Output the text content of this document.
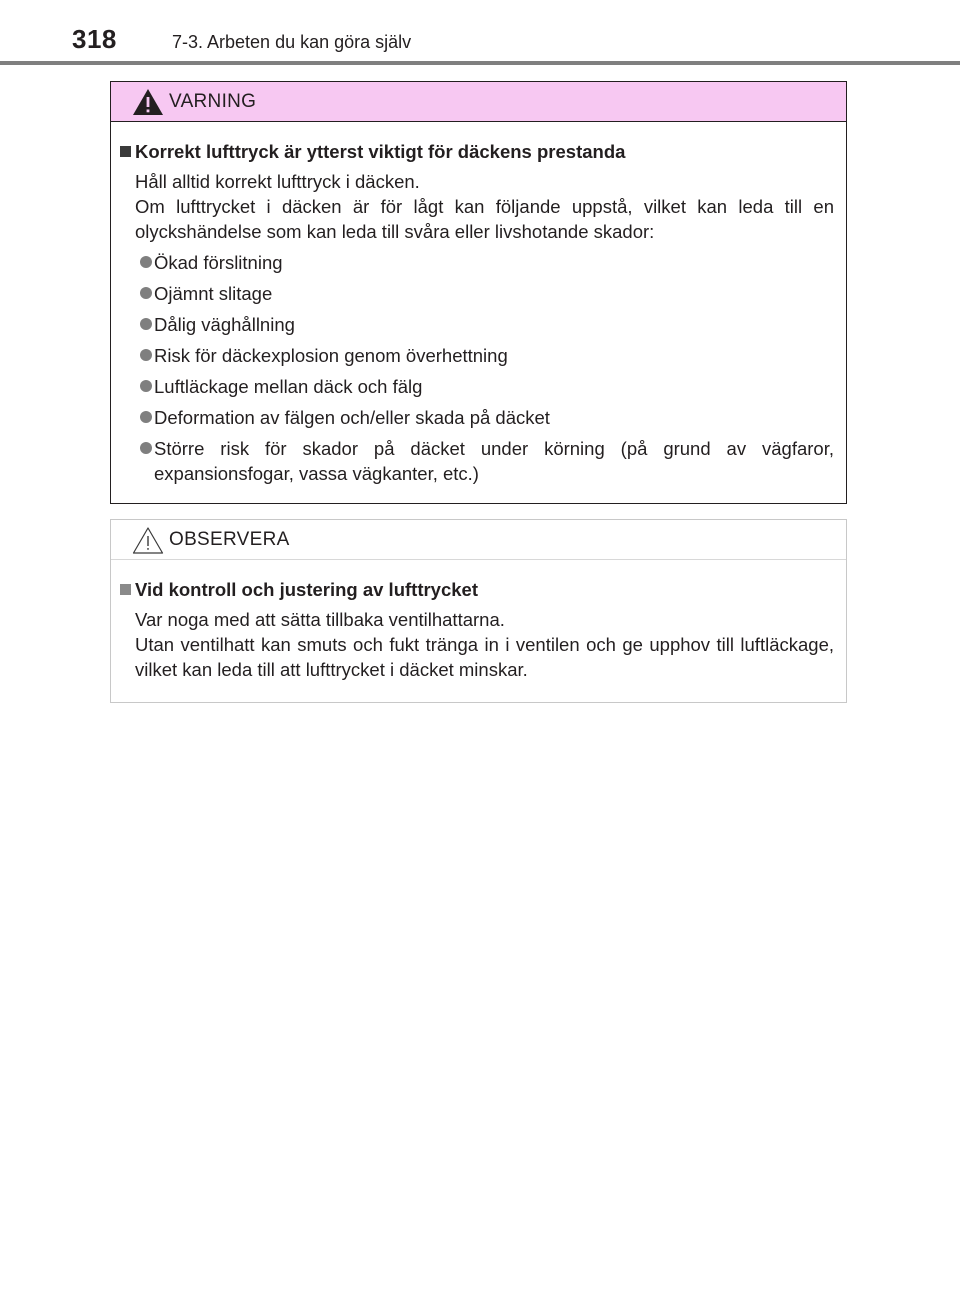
318	7-3. Arbeten du kan göra själv
VARNING
Korrekt lufttryck är ytterst viktigt för däckens prestanda
Håll alltid korrekt lufttryck i däcken.
Om lufttrycket i däcken är för lågt kan följande uppstå, vilket kan leda till en olyckshändelse som kan leda till svåra eller livshotande skador:
Ökad förslitning
Ojämnt slitage
Dålig väghållning
Risk för däckexplosion genom överhettning
Luftläckage mellan däck och fälg
Deformation av fälgen och/eller skada på däcket
Större risk för skador på däcket under körning (på grund av vägfaror, expansionsfogar, vassa vägkanter, etc.)
OBSERVERA
Vid kontroll och justering av lufttrycket
Var noga med att sätta tillbaka ventilhattarna.
Utan ventilhatt kan smuts och fukt tränga in i ventilen och ge upphov till luftläckage, vilket kan leda till att lufttrycket i däcket minskar.
